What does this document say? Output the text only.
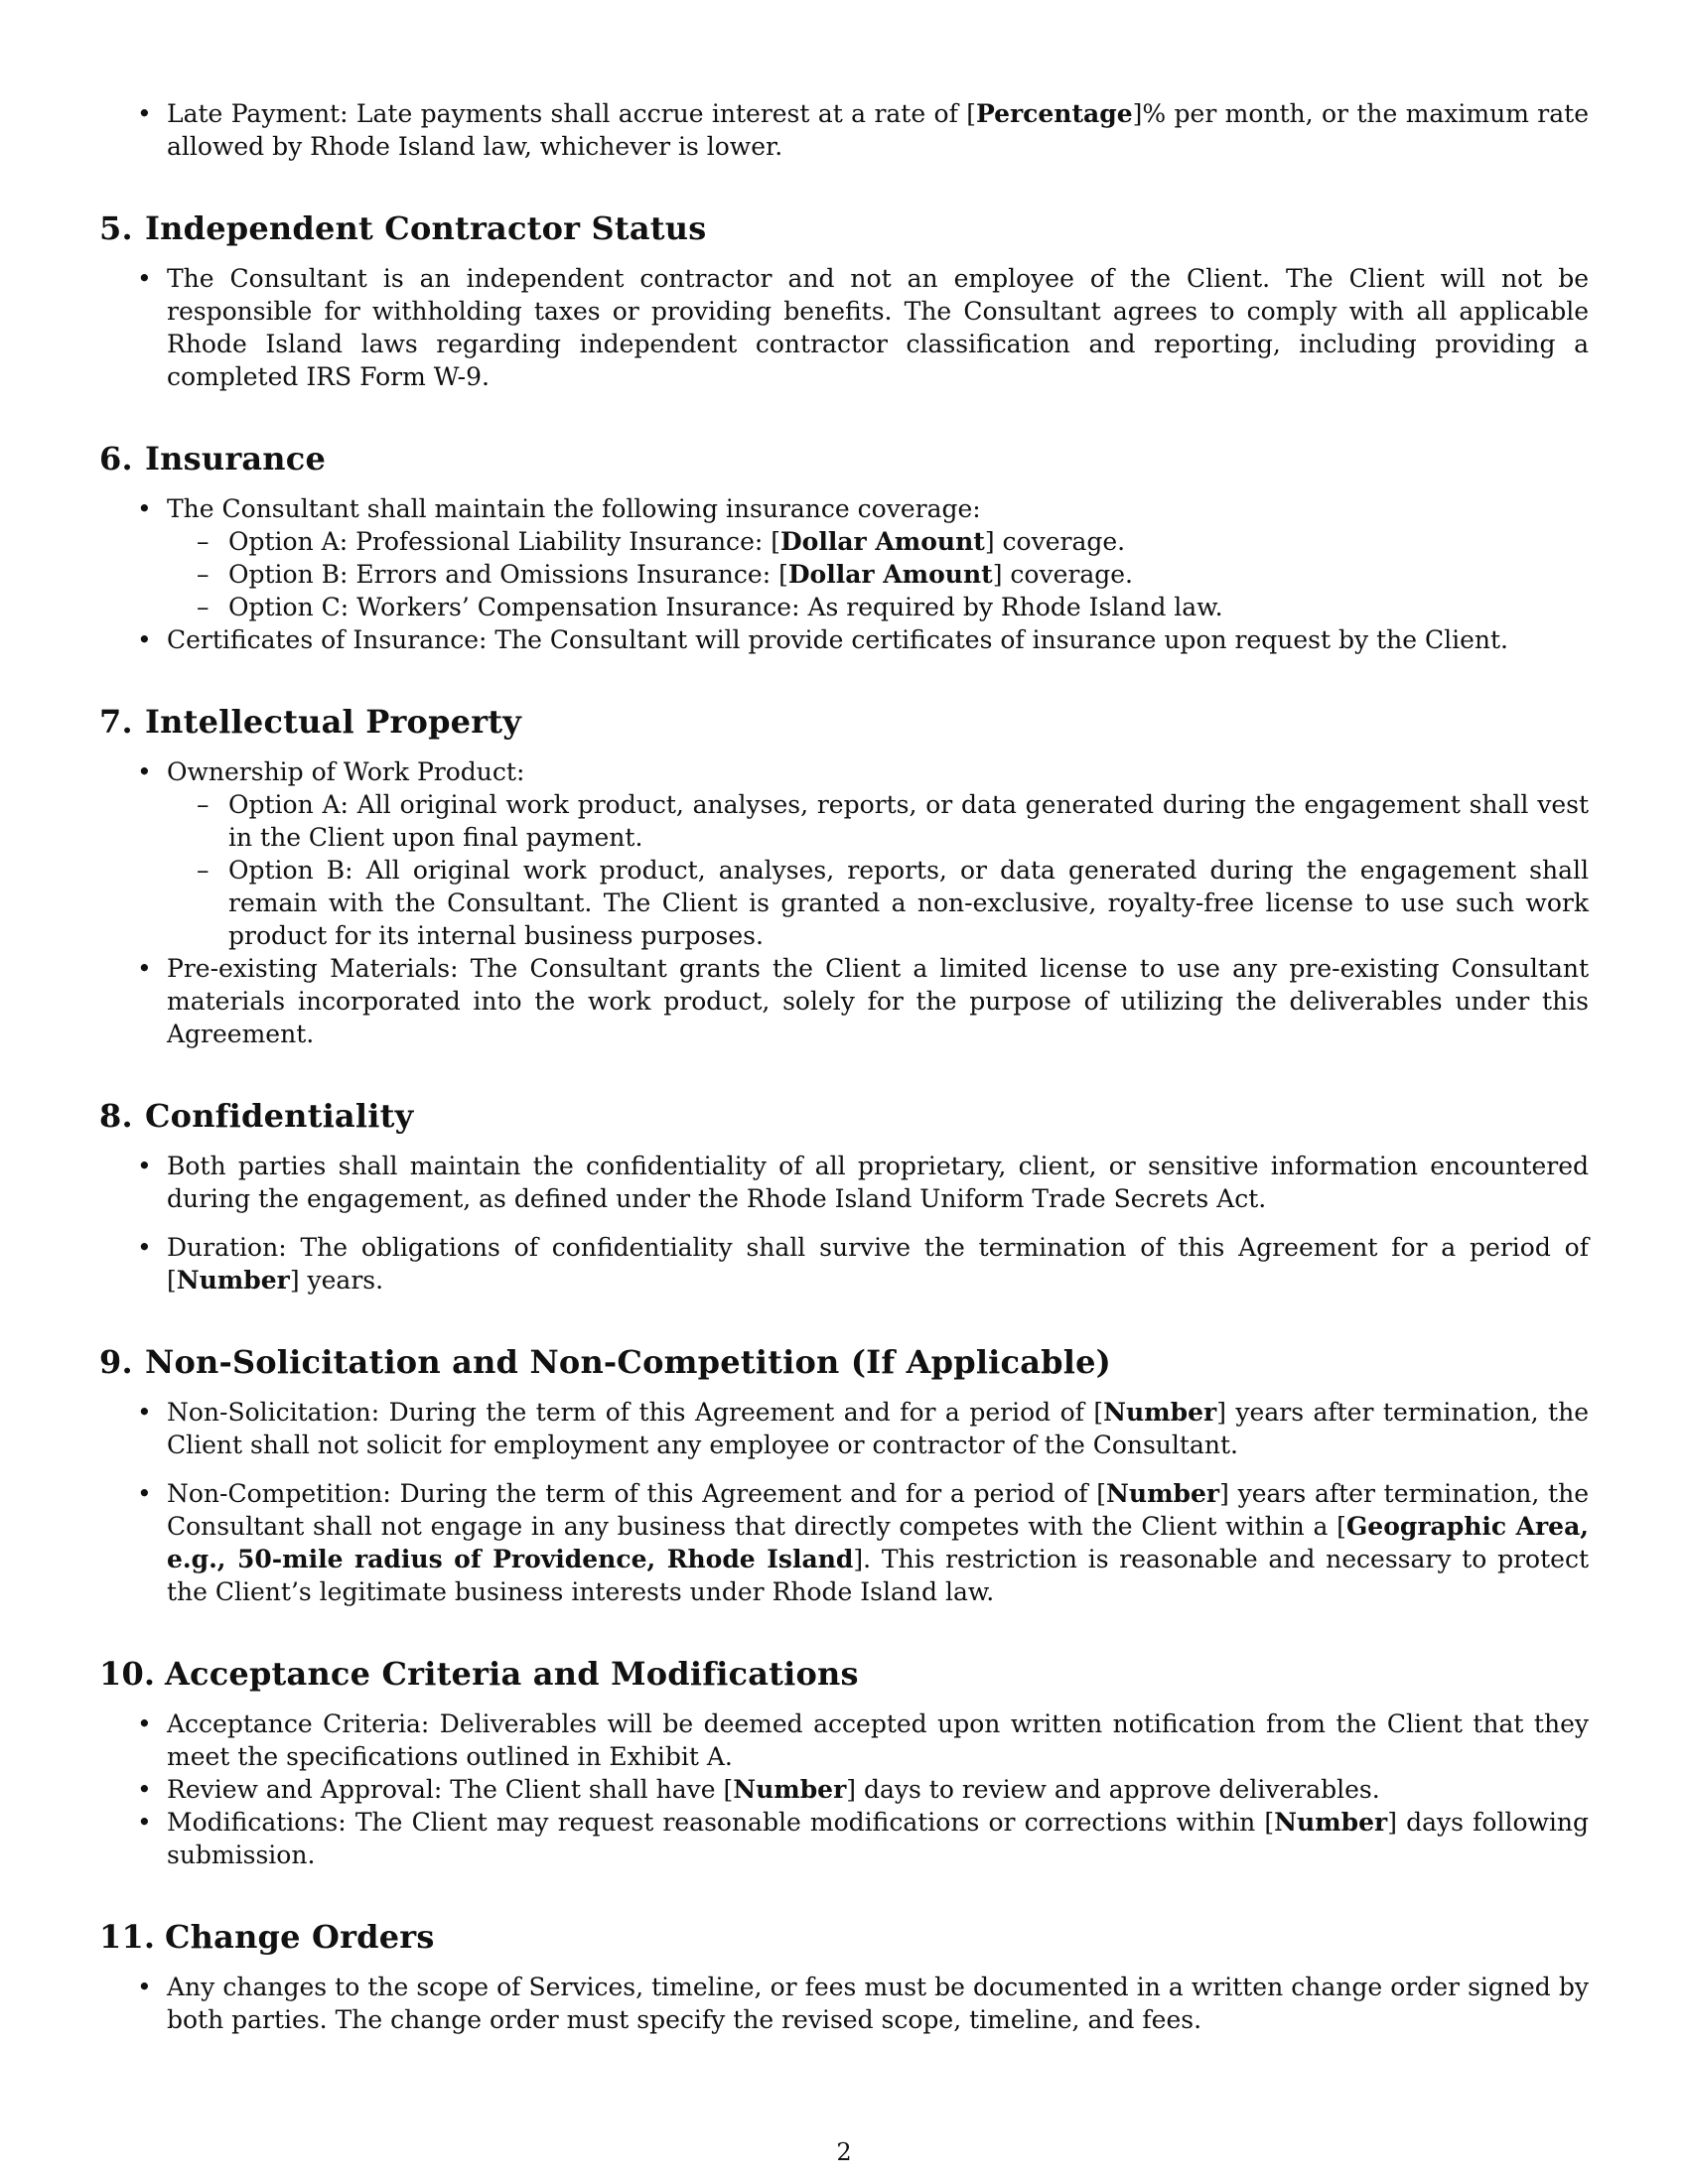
• Late Payment: Late payments shall accrue interest at a rate of [Percentage]% per month, or the maximum rate allowed by Rhode Island law, whichever is lower.
5. Independent Contractor Status
• The Consultant is an independent contractor and not an employee of the Client. The Client will not be responsible for withholding taxes or providing benefits. The Consultant agrees to comply with all applicable Rhode Island laws regarding independent contractor classification and reporting, including providing a completed IRS Form W-9.
6. Insurance
• The Consultant shall maintain the following insurance coverage:
– Option A: Professional Liability Insurance: [Dollar Amount] coverage.
– Option B: Errors and Omissions Insurance: [Dollar Amount] coverage.
– Option C: Workers’ Compensation Insurance: As required by Rhode Island law.
• Certificates of Insurance: The Consultant will provide certificates of insurance upon request by the Client.
7. Intellectual Property
• Ownership of Work Product:
– Option A: All original work product, analyses, reports, or data generated during the engagement shall vest in the Client upon final payment.
– Option B: All original work product, analyses, reports, or data generated during the engagement shall remain with the Consultant. The Client is granted a non-exclusive, royalty-free license to use such work product for its internal business purposes.
• Pre-existing Materials: The Consultant grants the Client a limited license to use any pre-existing Consultant materials incorporated into the work product, solely for the purpose of utilizing the deliverables under this Agreement.
8. Confidentiality
• Both parties shall maintain the confidentiality of all proprietary, client, or sensitive information encountered during the engagement, as defined under the Rhode Island Uniform Trade Secrets Act.
• Duration: The obligations of confidentiality shall survive the termination of this Agreement for a period of [Number] years.
9. Non-Solicitation and Non-Competition (If Applicable)
• Non-Solicitation: During the term of this Agreement and for a period of [Number] years after termination, the Client shall not solicit for employment any employee or contractor of the Consultant.
• Non-Competition: During the term of this Agreement and for a period of [Number] years after termination, the Consultant shall not engage in any business that directly competes with the Client within a [Geographic Area, e.g., 50-mile radius of Providence, Rhode Island]. This restriction is reasonable and necessary to protect the Client’s legitimate business interests under Rhode Island law.
10. Acceptance Criteria and Modifications
• Acceptance Criteria: Deliverables will be deemed accepted upon written notification from the Client that they meet the specifications outlined in Exhibit A.
• Review and Approval: The Client shall have [Number] days to review and approve deliverables.
• Modifications: The Client may request reasonable modifications or corrections within [Number] days following submission.
11. Change Orders
• Any changes to the scope of Services, timeline, or fees must be documented in a written change order signed by both parties. The change order must specify the revised scope, timeline, and fees.
2
